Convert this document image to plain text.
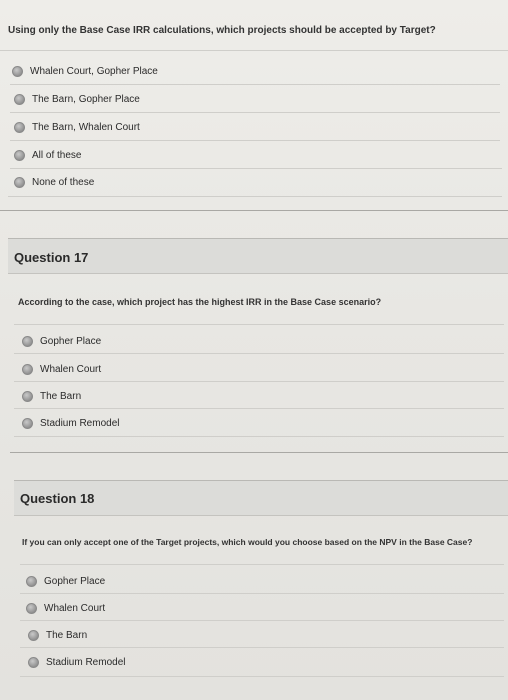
Using only the Base Case IRR calculations, which projects should be accepted by Target?
Whalen Court, Gopher Place
The Barn, Gopher Place
The Barn, Whalen Court
All of these
None of these
Question 17
According to the case, which project has the highest IRR in the Base Case scenario?
Gopher Place
Whalen Court
The Barn
Stadium Remodel
Question 18
If you can only accept one of the Target projects, which would you choose based on the NPV in the Base Case?
Gopher Place
Whalen Court
The Barn
Stadium Remodel
